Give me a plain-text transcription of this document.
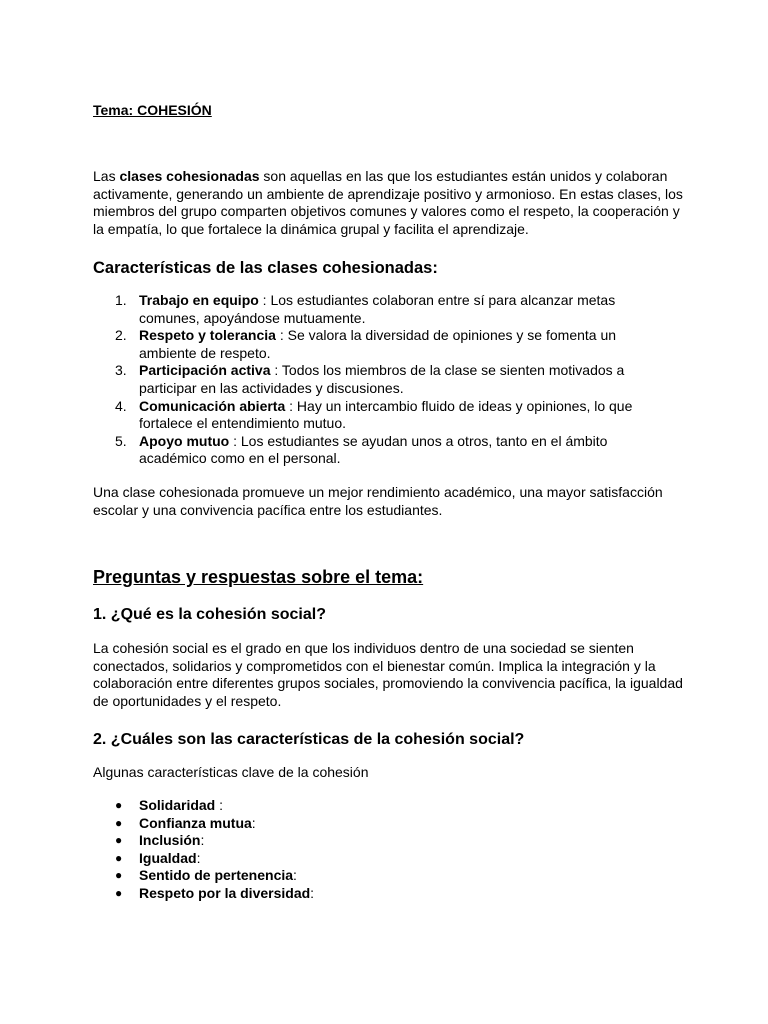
Tema: COHESIÓN

Las clases cohesionadas son aquellas en las que los estudiantes están unidos y colaboran activamente, generando un ambiente de aprendizaje positivo y armonioso. En estas clases, los miembros del grupo comparten objetivos comunes y valores como el respeto, la cooperación y la empatía, lo que fortalece la dinámica grupal y facilita el aprendizaje.

Características de las clases cohesionadas:
1. Trabajo en equipo : Los estudiantes colaboran entre sí para alcanzar metas comunes, apoyándose mutuamente.
2. Respeto y tolerancia : Se valora la diversidad de opiniones y se fomenta un ambiente de respeto.
3. Participación activa : Todos los miembros de la clase se sienten motivados a participar en las actividades y discusiones.
4. Comunicación abierta : Hay un intercambio fluido de ideas y opiniones, lo que fortalece el entendimiento mutuo.
5. Apoyo mutuo : Los estudiantes se ayudan unos a otros, tanto en el ámbito académico como en el personal.

Una clase cohesionada promueve un mejor rendimiento académico, una mayor satisfacción escolar y una convivencia pacífica entre los estudiantes.

Preguntas y respuestas sobre el tema:
1. ¿Qué es la cohesión social?

La cohesión social es el grado en que los individuos dentro de una sociedad se sienten conectados, solidarios y comprometidos con el bienestar común. Implica la integración y la colaboración entre diferentes grupos sociales, promoviendo la convivencia pacífica, la igualdad de oportunidades y el respeto.

2. ¿Cuáles son las características de la cohesión social?

Algunas características clave de la cohesión

● Solidaridad :
● Confianza mutua:
● Inclusión:
● Igualdad:
● Sentido de pertenencia:
● Respeto por la diversidad:
